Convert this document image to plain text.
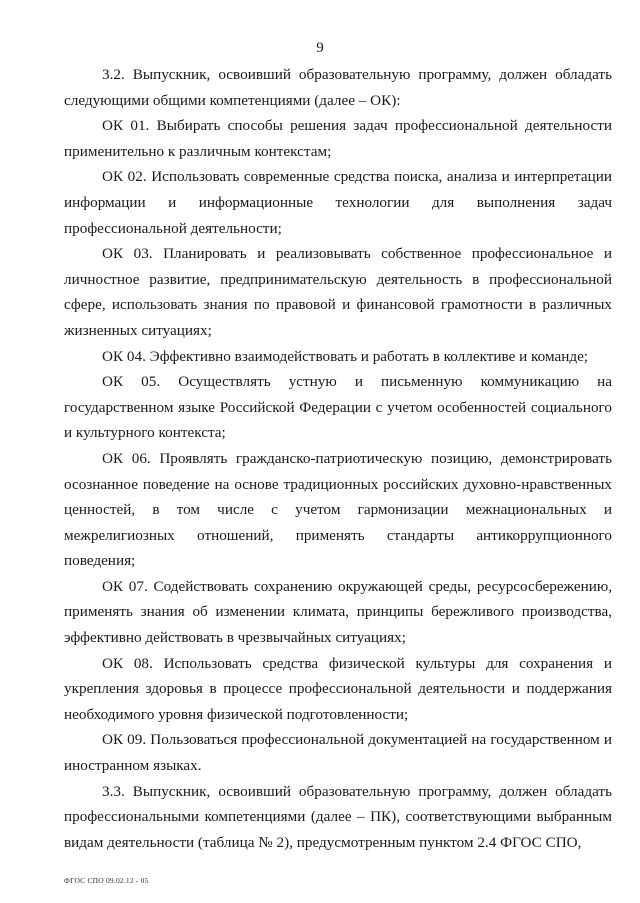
9

3.2. Выпускник, освоивший образовательную программу, должен обладать следующими общими компетенциями (далее – ОК):

ОК 01. Выбирать способы решения задач профессиональной деятельности применительно к различным контекстам;

ОК 02. Использовать современные средства поиска, анализа и интерпретации информации и информационные технологии для выполнения задач профессиональной деятельности;

ОК 03. Планировать и реализовывать собственное профессиональное и личностное развитие, предпринимательскую деятельность в профессиональной сфере, использовать знания по правовой и финансовой грамотности в различных жизненных ситуациях;

ОК 04. Эффективно взаимодействовать и работать в коллективе и команде;

ОК 05. Осуществлять устную и письменную коммуникацию на государственном языке Российской Федерации с учетом особенностей социального и культурного контекста;

ОК 06. Проявлять гражданско-патриотическую позицию, демонстрировать осознанное поведение на основе традиционных российских духовно-нравственных ценностей, в том числе с учетом гармонизации межнациональных и межрелигиозных отношений, применять стандарты антикоррупционного поведения;

ОК 07. Содействовать сохранению окружающей среды, ресурсосбережению, применять знания об изменении климата, принципы бережливого производства, эффективно действовать в чрезвычайных ситуациях;

ОК 08. Использовать средства физической культуры для сохранения и укрепления здоровья в процессе профессиональной деятельности и поддержания необходимого уровня физической подготовленности;

ОК 09. Пользоваться профессиональной документацией на государственном и иностранном языках.

3.3. Выпускник, освоивший образовательную программу, должен обладать профессиональными компетенциями (далее – ПК), соответствующими выбранным видам деятельности (таблица № 2), предусмотренным пунктом 2.4 ФГОС СПО,

ФГОС СПО 09.02.12 - 05
